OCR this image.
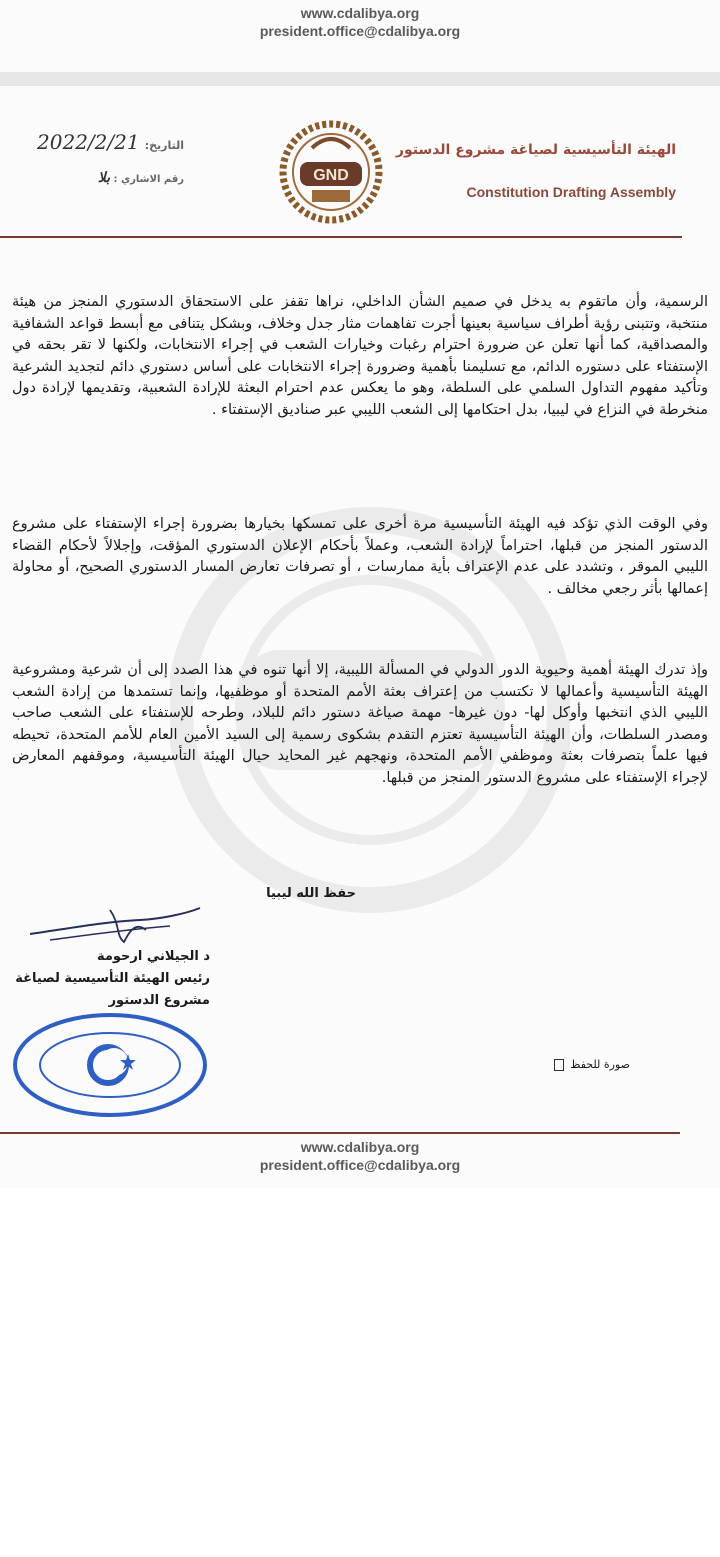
www.cdalibya.org
president.office@cdalibya.org
التاريخ: 2022/2/21
رقم الاشاري : بلا	GND
الهيئة التأسيسية لصياغة مشروع الدستور
Constitution Drafting Assembly

الرسمية، وأن ماتقوم به يدخل في صميم الشأن الداخلي، نراها تقفز على الاستحقاق الدستوري المنجز من هيئة منتخبة، وتتبنى رؤية أطراف سياسية بعينها أجرت تفاهمات مثار جدل وخلاف، وبشكل يتنافى مع أبسط قواعد الشفافية والمصداقية، كما أنها تعلن عن ضرورة احترام رغبات وخيارات الشعب في إجراء الانتخابات، ولكنها لا تقر بحقه في الإستفتاء على دستوره الدائم، مع تسليمنا بأهمية وضرورة إجراء الانتخابات على أساس دستوري دائم لتجديد الشرعية وتأكيد مفهوم التداول السلمي على السلطة، وهو ما يعكس عدم احترام البعثة للإرادة الشعبية، وتقديمها لإرادة دول منخرطة في النزاع في ليبيا، بدل احتكامها إلى الشعب الليبي عبر صناديق الإستفتاء .

وفي الوقت الذي تؤكد فيه الهيئة التأسيسية مرة أخرى على تمسكها بخيارها بضرورة إجراء الإستفتاء على مشروع الدستور المنجز من قبلها، احتراماً لإرادة الشعب، وعملاً بأحكام الإعلان الدستوري المؤقت، وإجلالاً لأحكام القضاء الليبي الموقر ، وتشدد على عدم الإعتراف بأية ممارسات ، أو تصرفات تعارض المسار الدستوري الصحيح، أو محاولة إعمالها بأثر رجعي مخالف .

وإذ تدرك الهيئة أهمية وحيوية الدور الدولي في المسألة الليبية، إلا أنها تنوه في هذا الصدد إلى أن شرعية ومشروعية الهيئة التأسيسية وأعمالها لا تكتسب من إعتراف بعثة الأمم المتحدة أو موظفيها، وإنما تستمدها من إرادة الشعب الليبي الذي انتخبها وأوكل لها- دون غيرها- مهمة صياغة دستور دائم للبلاد، وطرحه للإستفتاء على الشعب صاحب ومصدر السلطات، وأن الهيئة التأسيسية تعتزم التقدم بشكوى رسمية إلى السيد الأمين العام للأمم المتحدة، تحيطه فيها علماً بتصرفات بعثة وموظفي الأمم المتحدة، ونهجهم غير المحايد حيال الهيئة التأسيسية، وموقفهم المعارض لإجراء الإستفتاء على مشروع الدستور المنجز من قبلها.

حفظ الله ليبيا
د الجيلاني ارحومة
رئيس الهيئة التأسيسية لصياغة
مشروع الدستور
صورة للحفظ
www.cdalibya.org
president.office@cdalibya.org
